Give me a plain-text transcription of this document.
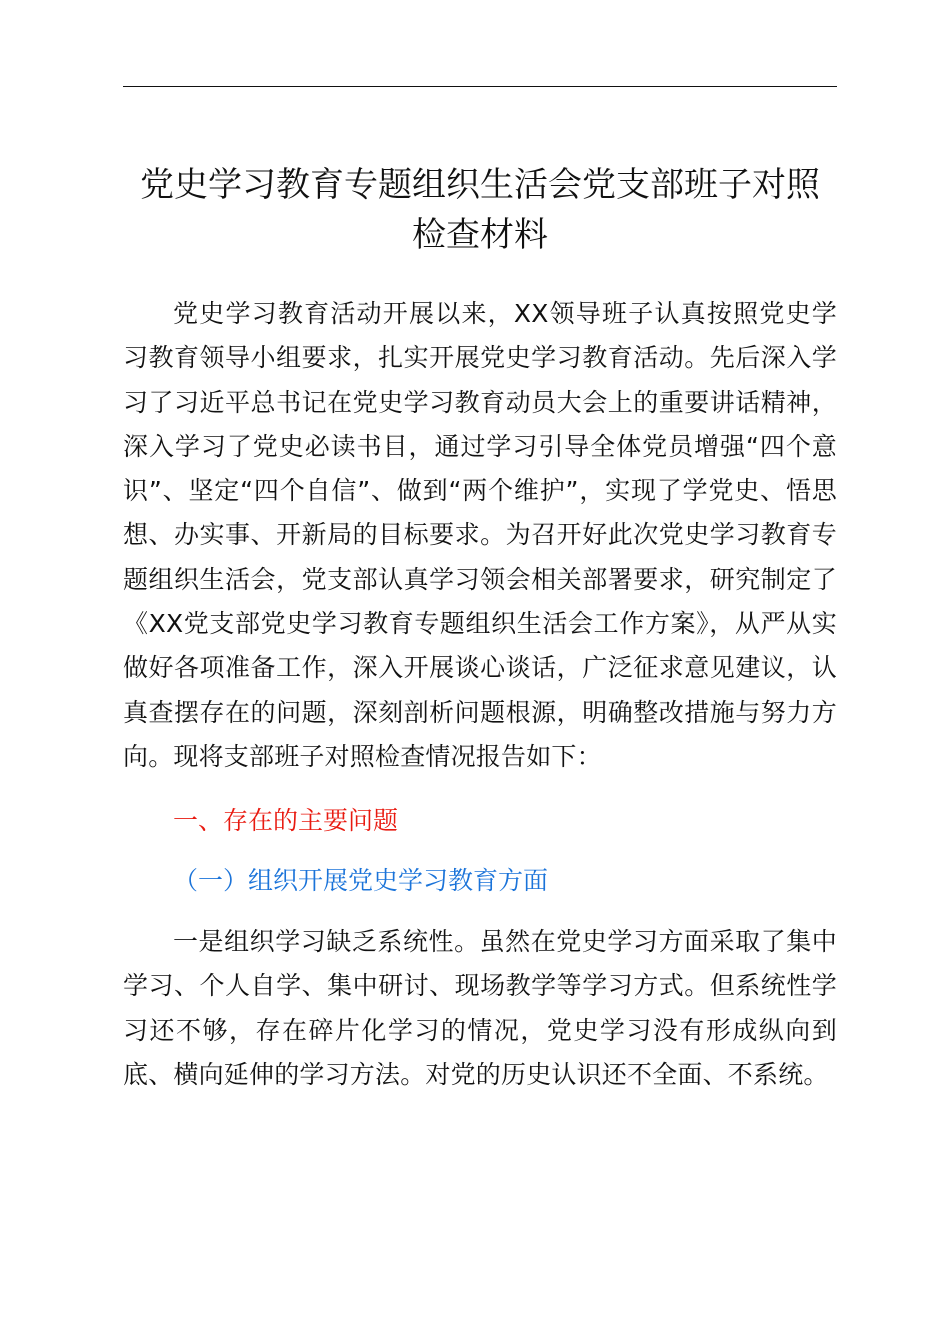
党史学习教育专题组织生活会党支部班子对照
检查材料

党史学习教育活动开展以来，XX领导班子认真按照党史学习教育领导小组要求，扎实开展党史学习教育活动。先后深入学习了习近平总书记在党史学习教育动员大会上的重要讲话精神，深入学习了党史必读书目，通过学习引导全体党员增强“四个意识”、坚定“四个自信”、做到“两个维护”，实现了学党史、悟思想、办实事、开新局的目标要求。为召开好此次党史学习教育专题组织生活会，党支部认真学习领会相关部署要求，研究制定了《XX党支部党史学习教育专题组织生活会工作方案》，从严从实做好各项准备工作，深入开展谈心谈话，广泛征求意见建议，认真查摆存在的问题，深刻剖析问题根源，明确整改措施与努力方向。现将支部班子对照检查情况报告如下：

一、存在的主要问题
（一）组织开展党史学习教育方面

一是组织学习缺乏系统性。虽然在党史学习方面采取了集中学习、个人自学、集中研讨、现场教学等学习方式。但系统性学习还不够，存在碎片化学习的情况，党史学习没有形成纵向到底、横向延伸的学习方法。对党的历史认识还不全面、不系统。
